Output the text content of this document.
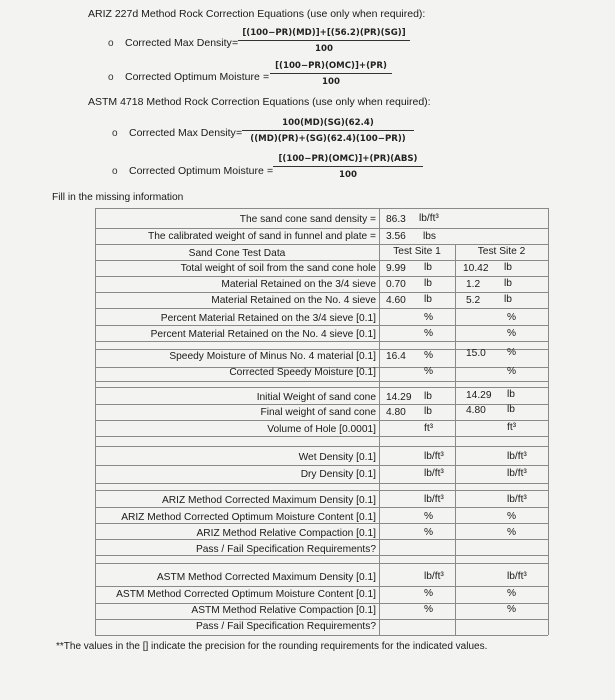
ARIZ 227d Method Rock Correction Equations (use only when required):
o Corrected Max Density = $\frac{[(100-PR)(MD)]+[(56.2)(PR)(SG)]}{100}$
o Corrected Optimum Moisture =
[(100−PR)(OMC)]+(PR)
100
ASTM 4718 Method Rock Correction Equations (use only when required):
o Corrected Max Density = $\frac{100(MD)(SG)(62.4)}{((MD)(PR)+(SG)(62.4)(100-PR))}$
o Corrected Optimum Moisture =
[(100−PR)(OMC)]+(PR)(ABS)
100
Fill in the missing information
The sand cone sand density = 86.3 lb/ft³
The calibrated weight of sand in funnel and plate = 3.56 lbs
Sand Cone Test Data	Test Site 1	Test Site 2
Total weight of soil from the sand cone hole 9.99 lb	10.42 lb
Material Retained on the 3/4 sieve 0.70 lb	1.2 lb
Material Retained on the No. 4 sieve 4.60 lb	5.2 lb
Percent Material Retained on the 3/4 sieve [0.1]	%	%
Percent Material Retained on the No. 4 sieve [0.1]	%	%
Speedy Moisture of Minus No. 4 material [0.1] 16.4 %	15.0 %
Corrected Speedy Moisture [0.1]	%	%
Initial Weight of sand cone 14.29 lb	14.29 lb
Final weight of sand cone 4.80 lb	4.80 lb
Volume of Hole [0.0001]	ft³	ft³
Wet Density [0.1]	lb/ft³	lb/ft³
Dry Density [0.1]	lb/ft³	lb/ft³
ARIZ Method Corrected Maximum Density [0.1]	lb/ft³	lb/ft³
ARIZ Method Corrected Optimum Moisture Content [0.1]	%	%
ARIZ Method Relative Compaction [0.1]	%	%
Pass / Fail Specification Requirements?
ASTM Method Corrected Maximum Density [0.1]	lb/ft³	lb/ft³
ASTM Method Corrected Optimum Moisture Content [0.1]	%	%
ASTM Method Relative Compaction [0.1]	%	%
Pass / Fail Specification Requirements?
**The values in the [] indicate the precision for the rounding requirements for the indicated values.
